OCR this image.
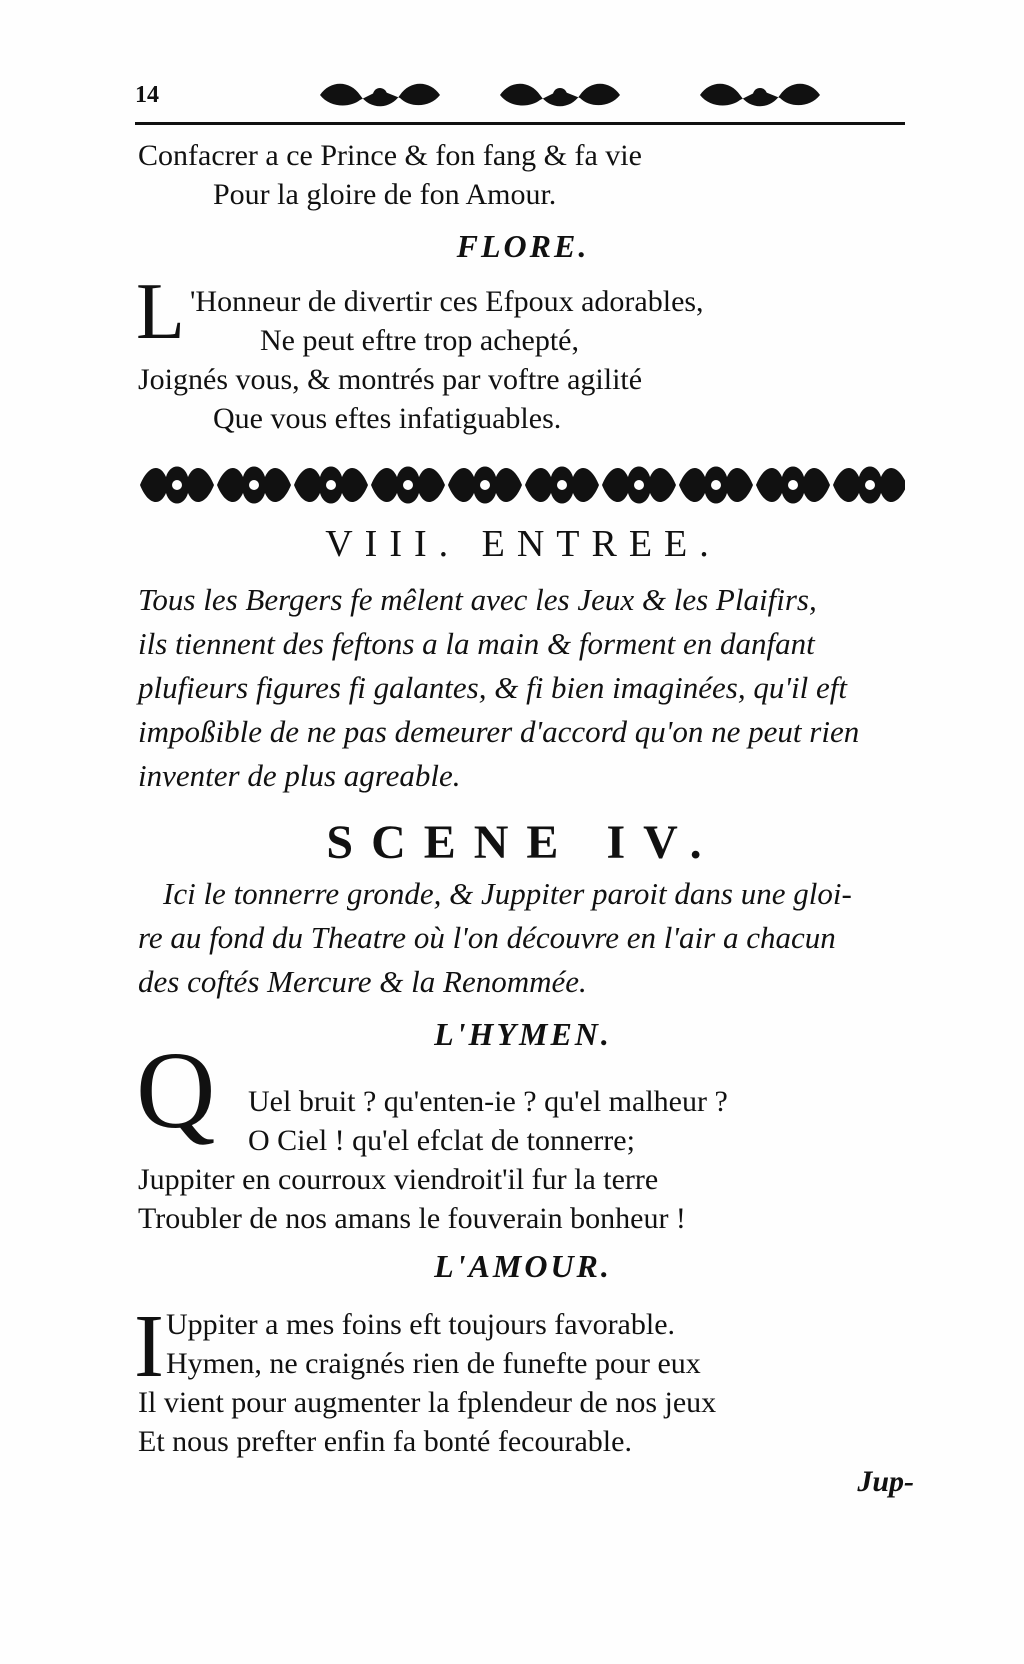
14
Confacrer a ce Prince & fon fang & fa vie
Pour la gloire de fon Amour.
FLORE.
L 'Honneur de divertir ces Efpoux adorables,
Ne peut eftre trop achepté,
Joignés vous, & montrés par voftre agilité
Que vous eftes infatiguables.
VIII. ENTREE.
Tous les Bergers fe mêlent avec les Jeux & les Plaifirs,
ils tiennent des feftons a la main & forment en danfant
plufieurs figures fi galantes, & fi bien imaginées, qu'il eft
impoßible de ne pas demeurer d'accord qu'on ne peut rien
inventer de plus agreable.
SCENE IV.
Ici le tonnerre gronde, & Juppiter paroit dans une gloi-
re au fond du Theatre où l'on découvre en l'air a chacun
des coftés Mercure & la Renommée.
L'HYMEN.
Q	Uel bruit ? qu'enten-ie ? qu'el malheur ?
O Ciel ! qu'el efclat de tonnerre;
Juppiter en courroux viendroit'il fur la terre
Troubler de nos amans le fouverain bonheur !
L'AMOUR.
I Uppiter a mes foins eft toujours favorable.
Hymen, ne craignés rien de funefte pour eux
Il vient pour augmenter la fplendeur de nos jeux
Et nous prefter enfin fa bonté fecourable.
Jup-
